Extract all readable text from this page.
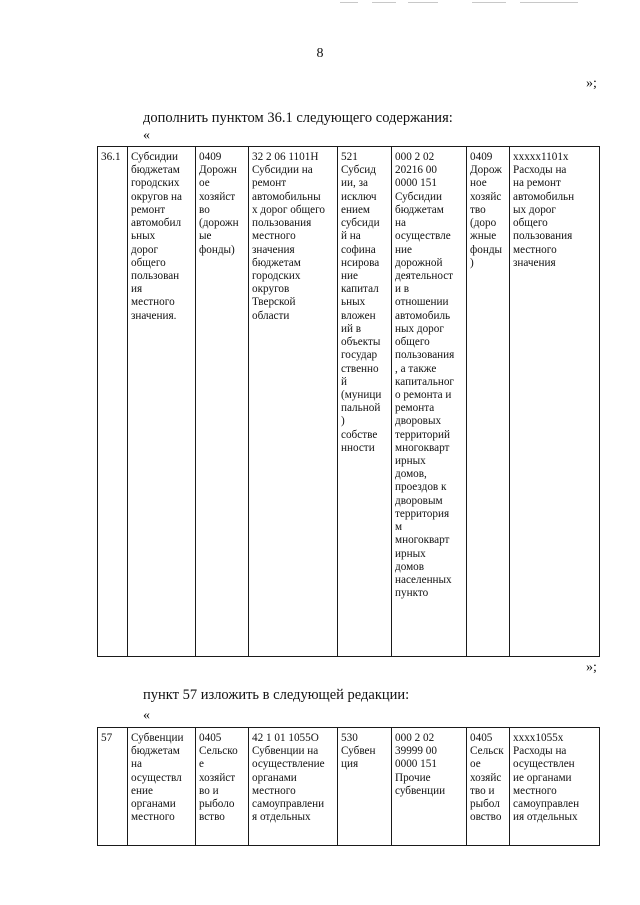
8
»;
дополнить пунктом 36.1 следующего содержания:
«
36.1	Субсидии
бюджетам
городских
округов на
ремонт
автомобил
ьных
дорог
общего
пользован
ия
местного
значения.	0409
Дорожн
ое
хозяйст
во
(дорожн
ые
фонды)	32 2 06 1101Н
Субсидии на
ремонт
автомобильны
х дорог общего
пользования
местного
значения
бюджетам
городских
округов
Тверской
области	521
Субсид
ии, за
исключ
ением
субсиди
й на
софина
нсирова
ние
капитал
ьных
вложен
ий в
объекты
государ
ственно
й
(муници
пальной
)
собстве
нности	000 2 02
20216 00
0000 151
Субсидии
бюджетам
на
осуществле
ние
дорожной
деятельност
и в
отношении
автомобиль
ных дорог
общего
пользования
, а также
капитальног
о ремонта и
ремонта
дворовых
территорий
многокварт
ирных
домов,
проездов к
дворовым
территория
м
многокварт
ирных
домов
населенных
пункто	0409
Дорож
ное
хозяйс
тво
(доро
жные
фонды
)	xxxxx1101x
Расходы на
на ремонт
автомобильн
ых дорог
общего
пользования
местного
значения
»;
пункт 57 изложить в следующей редакции:
«
57	Субвенции
бюджетам
на
осуществл
ение
органами
местного	0405
Сельско
е
хозяйст
во и
рыболо
вство	42 1 01 1055О
Субвенции на
осуществление
органами
местного
самоуправлени
я отдельных	530
Субвен
ция	000 2 02
39999 00
0000 151
Прочие
субвенции	0405
Сельск
ое
хозяйс
тво и
рыбол
овство	xxxx1055x
Расходы на
осуществлен
ие органами
местного
самоуправлен
ия отдельных
